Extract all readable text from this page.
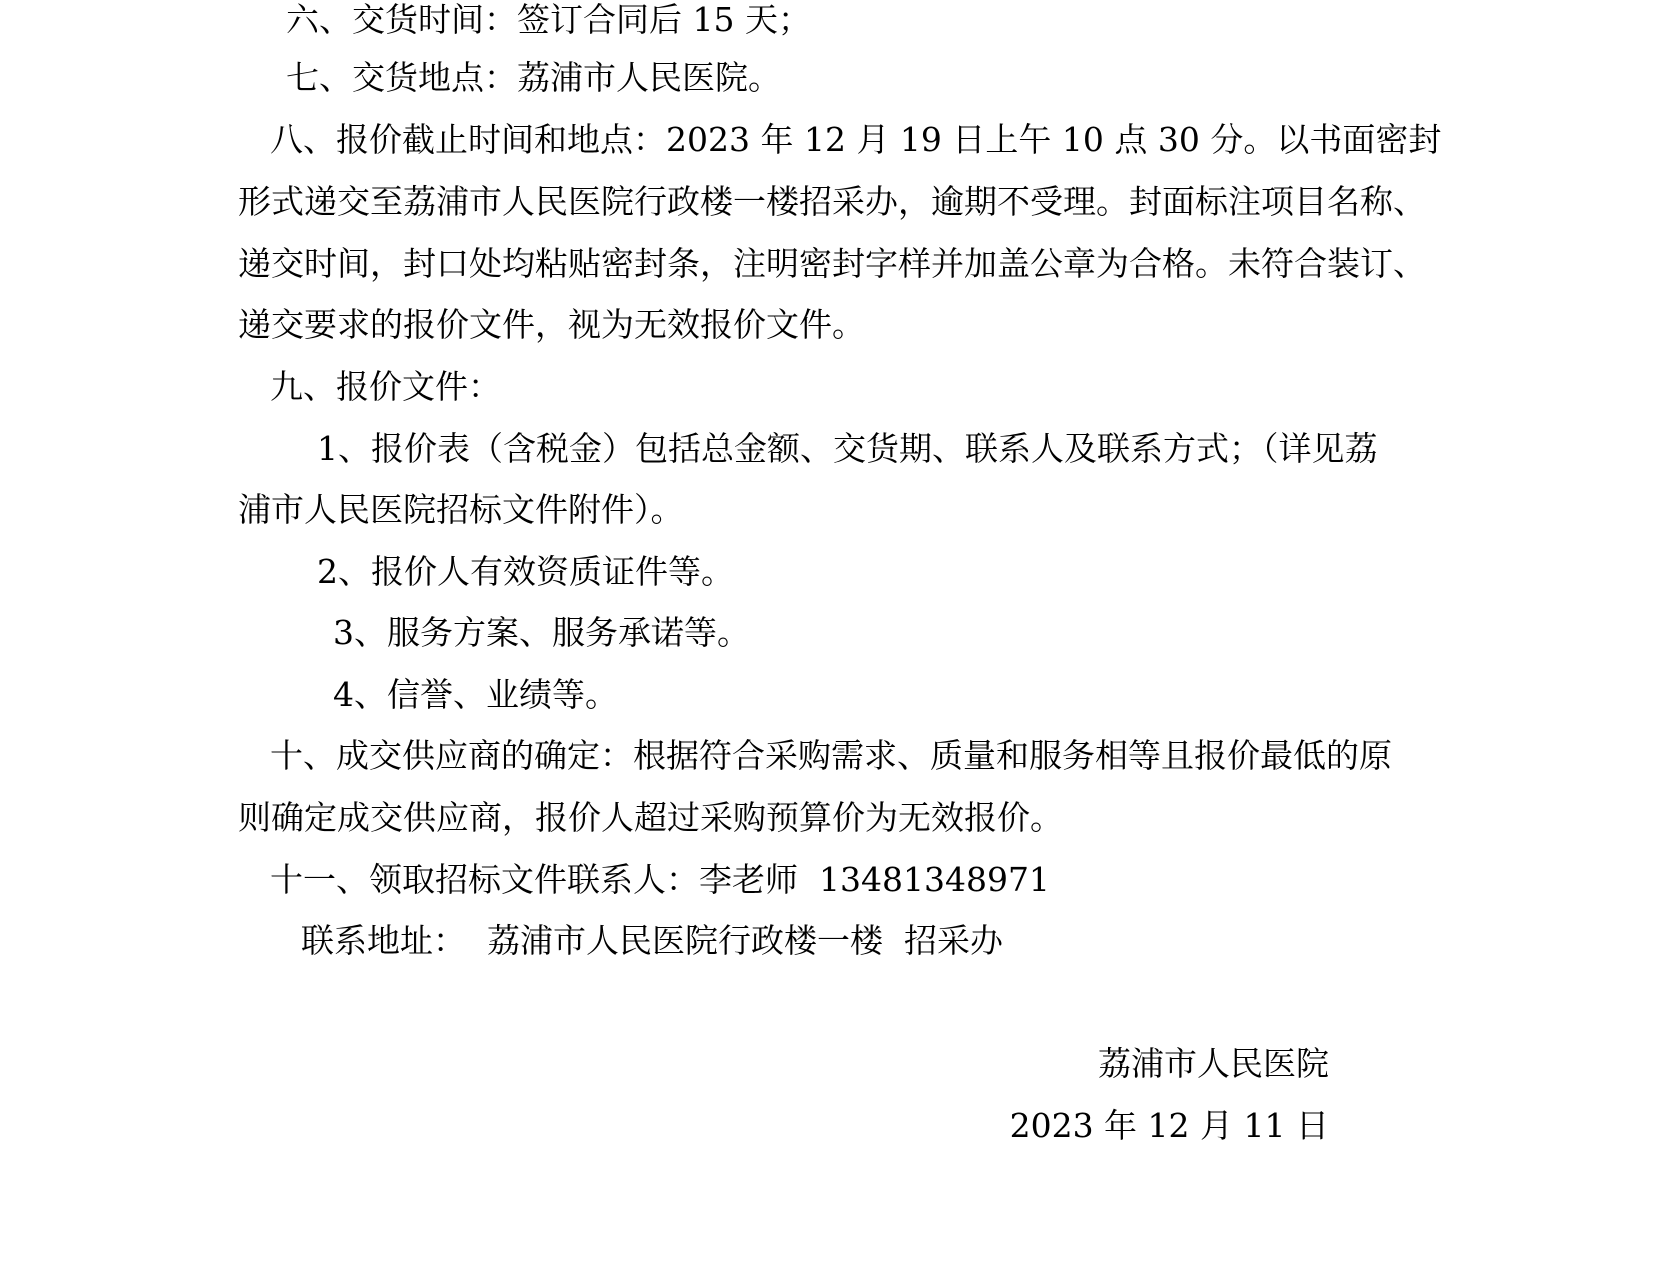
六、交货时间：签订合同后 15 天；

七、交货地点：荔浦市人民医院。

八、报价截止时间和地点：2023 年 12 月 19 日上午 10 点 30 分。以书面密封

形式递交至荔浦市人民医院行政楼一楼招采办，逾期不受理。封面标注项目名称、

递交时间，封口处均粘贴密封条，注明密封字样并加盖公章为合格。未符合装订、

递交要求的报价文件，视为无效报价文件。

九、报价文件：

1、报价表（含税金）包括总金额、交货期、联系人及联系方式；（详见荔

浦市人民医院招标文件附件）。

2、报价人有效资质证件等。

3、服务方案、服务承诺等。

4、信誉、业绩等。

十、成交供应商的确定：根据符合采购需求、质量和服务相等且报价最低的原

则确定成交供应商，报价人超过采购预算价为无效报价。

十一、领取招标文件联系人：李老师  13481348971

联系地址：  荔浦市人民医院行政楼一楼  招采办

荔浦市人民医院

2023 年 12 月 11 日
